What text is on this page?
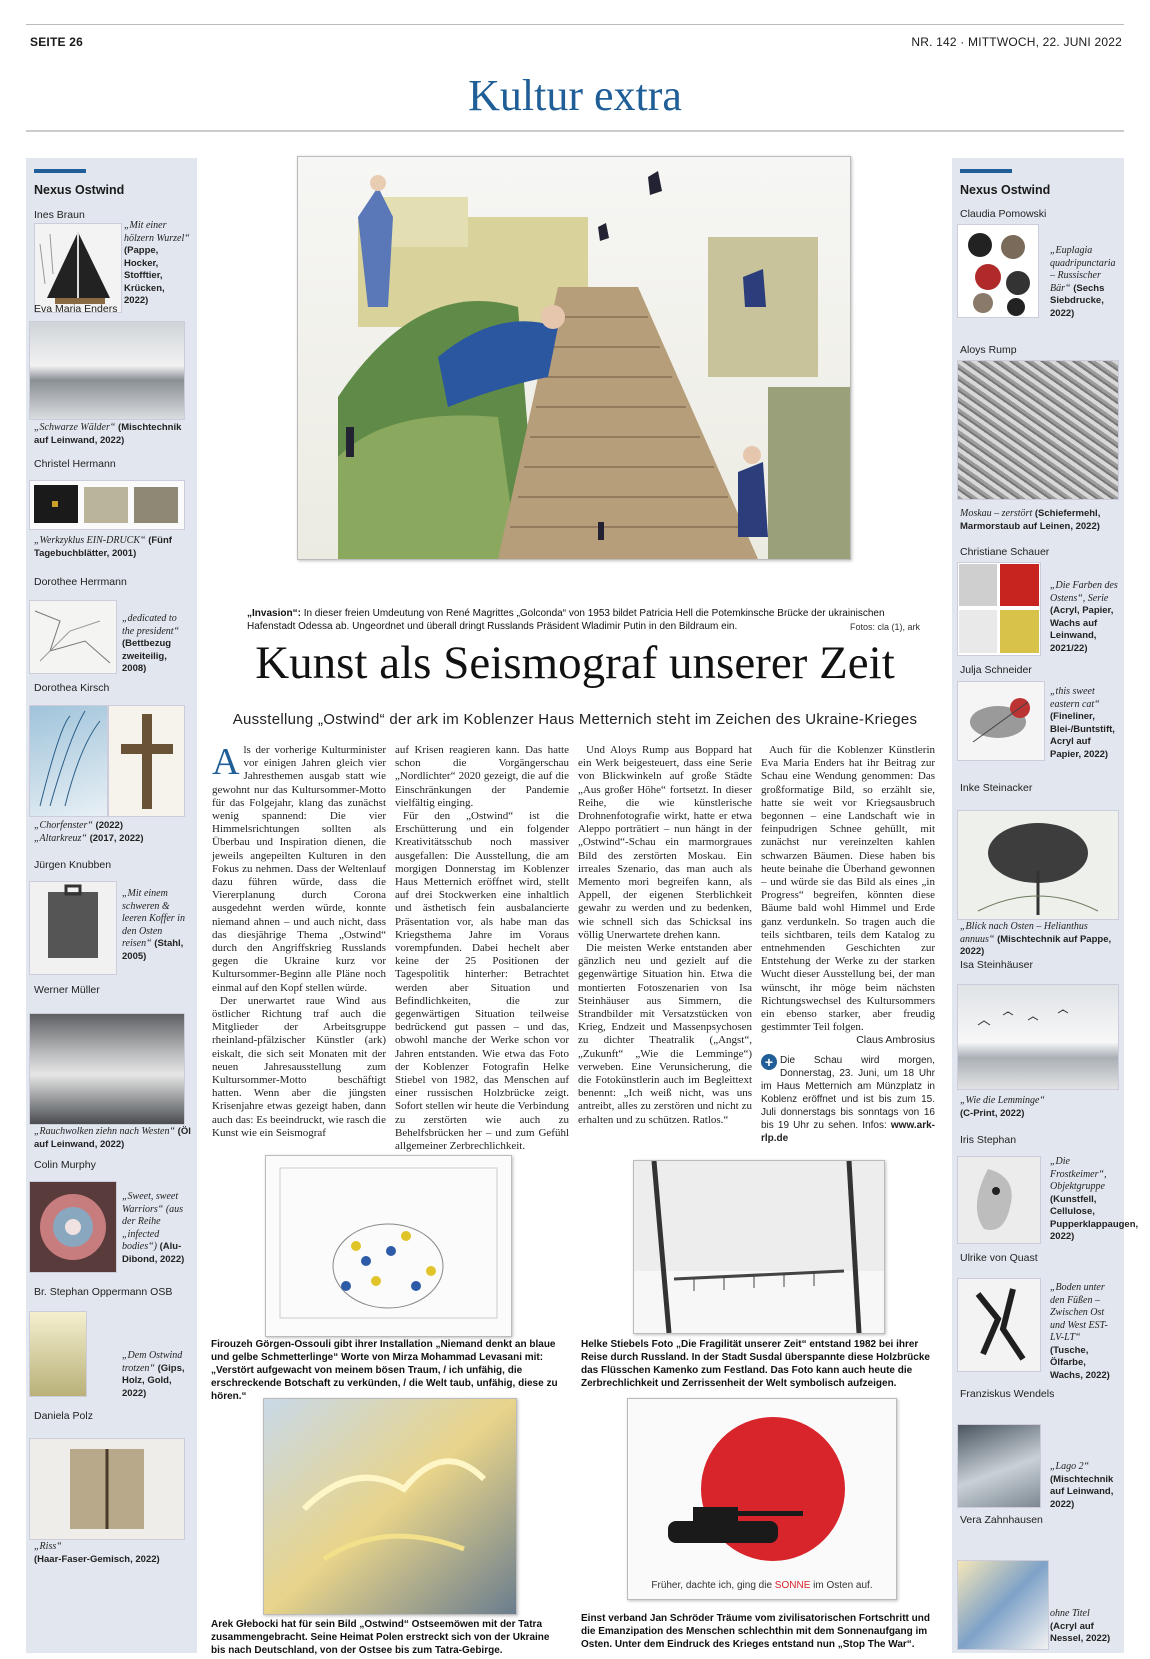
SEITE 26	NR. 142 · MITTWOCH, 22. JUNI 2022
Kultur extra
Nexus Ostwind
Ines Braun
„Mit einer hölzern Wurzel“ (Pappe, Hocker, Stofftier, Krücken, 2022)
Eva Maria Enders
„Schwarze Wälder“ (Mischtechnik auf Leinwand, 2022)
Christel Hermann
„Werkzyklus EIN-DRUCK“ (Fünf Tagebuchblätter, 2001)
Dorothee Herrmann
„dedicated to the president“ (Bettbezug zweiteilig, 2008)
Dorothea Kirsch
„Chorfenster“ (2022)
„Altarkreuz“ (2017, 2022)
Jürgen Knubben
„Mit einem schweren & leeren Koffer in den Osten reisen“ (Stahl, 2005)
Werner Müller
„Rauchwolken ziehn nach Westen“ (Öl auf Leinwand, 2022)
Colin Murphy
„Sweet, sweet Warriors“ (aus der Reihe „infected bodies“) (Alu-Dibond, 2022)
Br. Stephan Oppermann OSB
„Dem Ostwind trotzen“ (Gips, Holz, Gold, 2022)
Daniela Polz
„Riss“
(Haar-Faser-Gemisch, 2022)
Nexus Ostwind
Claudia Pomowski
„Euplagia quadripunctaria – Russischer Bär“ (Sechs Siebdrucke, 2022)
Aloys Rump
Moskau – zerstört (Schiefermehl, Marmorstaub auf Leinen, 2022)
Christiane Schauer
„Die Farben des Ostens“, Serie (Acryl, Papier, Wachs auf Leinwand, 2021/22)
Julja Schneider
„this sweet eastern cat“ (Fineliner, Blei-/Buntstift, Acryl auf Papier, 2022)
Inke Steinacker
„Blick nach Osten – Helianthus annuus“ (Mischtechnik auf Pappe, 2022)
Isa Steinhäuser
„Wie die Lemminge“
(C-Print, 2022)
Iris Stephan
„Die Frostkeimer“, Objektgruppe (Kunstfell, Cellulose, Pupperklappaugen, 2022)
Ulrike von Quast
„Boden unter den Füßen – Zwischen Ost und West EST-LV-LT“ (Tusche, Ölfarbe, Wachs, 2022)
Franziskus Wendels
„Lago 2“ (Mischtechnik auf Leinwand, 2022)
Vera Zahnhausen
ohne Titel
(Acryl auf Nessel, 2022)
„Invasion“: In dieser freien Umdeutung von René Magrittes „Golconda“ von 1953 bildet Patricia Hell die Potemkinsche Brücke der ukrainischen Hafenstadt Odessa ab. Ungeordnet und überall dringt Russlands Präsident Wladimir Putin in den Bildraum ein.	Fotos: cla (1), ark
Kunst als Seismograf unserer Zeit
Ausstellung „Ostwind“ der ark im Koblenzer Haus Metternich steht im Zeichen des Ukraine-Krieges
Als der vorherige Kulturminister vor einigen Jahren gleich vier Jahresthemen ausgab statt wie gewohnt nur das Kultursommer-Motto für das Folgejahr, klang das zunächst wenig spannend: Die vier Himmelsrichtungen sollten als Überbau und Inspiration dienen, die jeweils angepeilten Kulturen in den Fokus zu nehmen. Dass der Weltenlauf dazu führen würde, dass die Viererplanung durch Corona ausgedehnt werden würde, konnte niemand ahnen – und auch nicht, dass das diesjährige Thema „Ostwind“ durch den Angriffskrieg Russlands gegen die Ukraine kurz vor Kultursommer-Beginn alle Pläne noch einmal auf den Kopf stellen würde.
Der unerwartet raue Wind aus östlicher Richtung traf auch die Mitglieder der Arbeitsgruppe rheinland-pfälzischer Künstler (ark) eiskalt, die sich seit Monaten mit der neuen Jahresausstellung zum Kultursommer-Motto beschäftigt hatten. Wenn aber die jüngsten Krisenjahre etwas gezeigt haben, dann auch das: Es beeindruckt, wie rasch die Kunst wie ein Seismograf
auf Krisen reagieren kann. Das hatte schon die Vorgängerschau „Nordlichter“ 2020 gezeigt, die auf die Einschränkungen der Pandemie vielfältig einging.
Für den „Ostwind“ ist die Erschütterung und ein folgender Kreativitätsschub noch massiver ausgefallen: Die Ausstellung, die am morgigen Donnerstag im Koblenzer Haus Metternich eröffnet wird, stellt auf drei Stockwerken eine inhaltlich und ästhetisch fein ausbalancierte Präsentation vor, als habe man das Kriegsthema Jahre im Voraus vorempfunden. Dabei hechelt aber keine der 25 Positionen der Tagespolitik hinterher: Betrachtet werden aber Situation und Befindlichkeiten, die zur gegenwärtigen Situation teilweise bedrückend gut passen – und das, obwohl manche der Werke schon vor Jahren entstanden. Wie etwa das Foto der Koblenzer Fotografin Helke Stiebel von 1982, das Menschen auf einer russischen Holzbrücke zeigt. Sofort stellen wir heute die Verbindung zu zerstörten wie auch zu Behelfsbrücken her – und zum Gefühl allgemeiner Zerbrechlichkeit.
Und Aloys Rump aus Boppard hat ein Werk beigesteuert, dass eine Serie von Blickwinkeln auf große Städte „Aus großer Höhe“ fortsetzt. In dieser Reihe, die wie künstlerische Drohnenfotografie wirkt, hatte er etwa Aleppo porträtiert – nun hängt in der „Ostwind“-Schau ein marmorgraues Bild des zerstörten Moskau. Ein irreales Szenario, das man auch als Memento mori begreifen kann, als Appell, der eigenen Sterblichkeit gewahr zu werden und zu bedenken, wie schnell sich das Schicksal ins völlig Unerwartete drehen kann.
Die meisten Werke entstanden aber gänzlich neu und gezielt auf die gegenwärtige Situation hin. Etwa die montierten Fotoszenarien von Isa Steinhäuser aus Simmern, die Strandbilder mit Versatzstücken von Krieg, Endzeit und Massenpsychosen zu dichter Theatralik („Angst“, „Zukunft“ „Wie die Lemminge“) verweben. Eine Verunsicherung, die die Fotokünstlerin auch im Begleittext benennt: „Ich weiß nicht, was uns antreibt, alles zu zerstören und nicht zu erhalten und zu schützen. Ratlos.“
Auch für die Koblenzer Künstlerin Eva Maria Enders hat ihr Beitrag zur Schau eine Wendung genommen: Das großformatige Bild, so erzählt sie, hatte sie weit vor Kriegsausbruch begonnen – eine Landschaft wie in feinpudrigen Schnee gehüllt, mit zunächst nur vereinzelten kahlen schwarzen Bäumen. Diese haben bis heute beinahe die Überhand gewonnen – und würde sie das Bild als eines „in Progress“ begreifen, könnten diese Bäume bald wohl Himmel und Erde ganz verdunkeln. So tragen auch die teils sichtbaren, teils dem Katalog zu entnehmenden Geschichten zur Entstehung der Werke zu der starken Wucht dieser Ausstellung bei, der man wünscht, ihr möge beim nächsten Richtungswechsel des Kultursommers ein ebenso starker, aber freudig gestimmter Teil folgen.
Claus Ambrosius
+ Die Schau wird morgen, Donnerstag, 23. Juni, um 18 Uhr im Haus Metternich am Münzplatz in Koblenz eröffnet und ist bis zum 15. Juli donnerstags bis sonntags von 16 bis 19 Uhr zu sehen. Infos: www.ark-rlp.de
Firouzeh Görgen-Ossouli gibt ihrer Installation „Niemand denkt an blaue und gelbe Schmetterlinge“ Worte von Mirza Mohammad Levasani mit: „Verstört aufgewacht von meinem bösen Traum, / ich unfähig, die erschreckende Botschaft zu verkünden, / die Welt taub, unfähig, diese zu hören.“
Helke Stiebels Foto „Die Fragilität unserer Zeit“ entstand 1982 bei ihrer Reise durch Russland. In der Stadt Susdal überspannte diese Holzbrücke das Flüsschen Kamenko zum Festland. Das Foto kann auch heute die Zerbrechlichkeit und Zerrissenheit der Welt symbolisch aufzeigen.
Arek Głebocki hat für sein Bild „Ostwind“ Ostseemöwen mit der Tatra zusammengebracht. Seine Heimat Polen erstreckt sich von der Ukraine bis nach Deutschland, von der Ostsee bis zum Tatra-Gebirge.
Früher, dachte ich, ging die SONNE im Osten auf.
Einst verband Jan Schröder Träume vom zivilisatorischen Fortschritt und die Emanzipation des Menschen schlechthin mit dem Sonnenaufgang im Osten. Unter dem Eindruck des Krieges entstand nun „Stop The War“.
